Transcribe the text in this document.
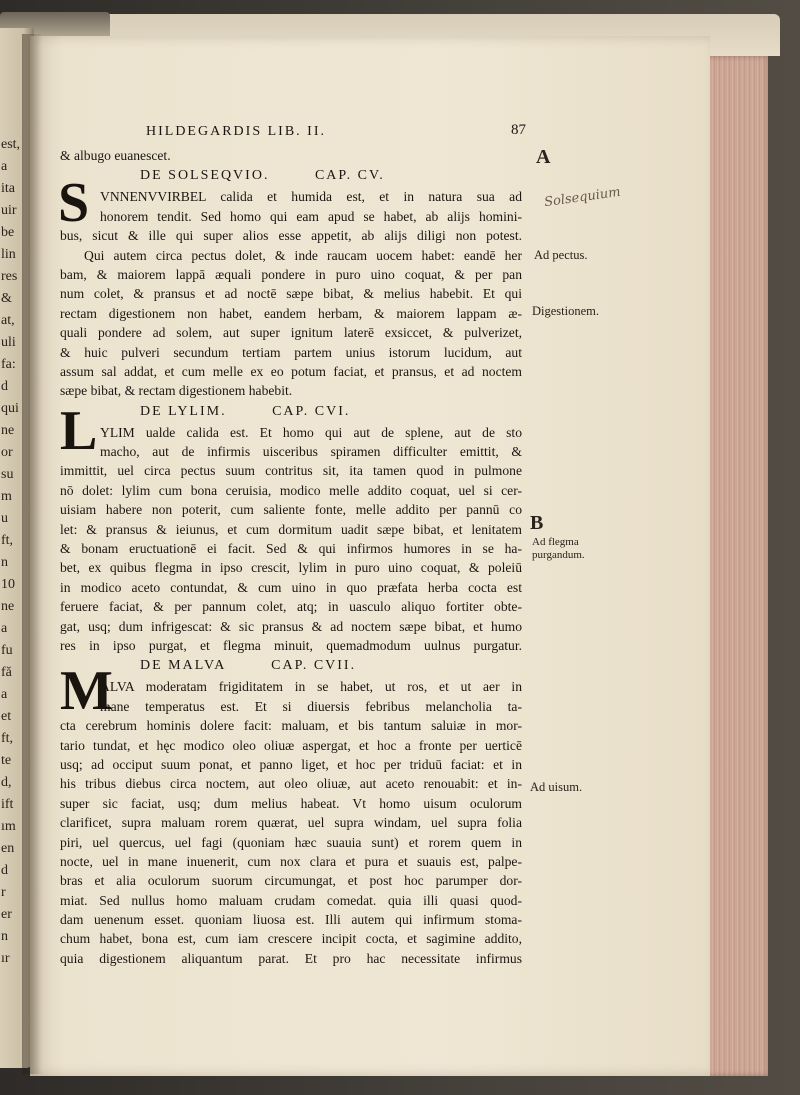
est,
a
ita
uir
be
lin
res
&
at,
uli
fa:
d
qui
ne
or
su
m
u
ft,
n
10
ne
a
fu
fă
a
et
ft,
te
d,
ift
ım
en
d
r
er
n
ır
HILDEGARDIS LIB. II.	87
& albugo euanescet.
DE SOLSEQVIO.	CAP. CV.
S VNNENVVIRBEL calida et humida est, et in natura sua ad
honorem tendit. Sed homo qui eam apud se habet, ab alijs homini-
bus, sicut & ille qui super alios esse appetit, ab alijs diligi non potest.
Qui autem circa pectus dolet, & inde raucam uocem habet: eandē her
bam, & maiorem lappā æquali pondere in puro uino coquat, & per pan
num colet, & pransus et ad noctē sæpe bibat, & melius habebit. Et qui
rectam digestionem non habet, eandem herbam, & maiorem lappam æ-
quali pondere ad solem, aut super ignitum laterē exsiccet, & pulverizet,
& huic pulveri secundum tertiam partem unius istorum lucidum, aut
assum sal addat, et cum melle ex eo potum faciat, et pransus, et ad noctem
sæpe bibat, & rectam digestionem habebit.
DE LYLIM.	CAP. CVI.
L YLIM ualde calida est. Et homo qui aut de splene, aut de sto
macho, aut de infirmis uisceribus spiramen difficulter emittit, &
immittit, uel circa pectus suum contritus sit, ita tamen quod in pulmone
nō dolet: lylim cum bona ceruisia, modico melle addito coquat, uel si cer-
uisiam habere non poterit, cum saliente fonte, melle addito per pannū co
let: & pransus & ieiunus, et cum dormitum uadit sæpe bibat, et lenitatem
& bonam eructuationē ei facit. Sed & qui infirmos humores in se ha-
bet, ex quibus flegma in ipso crescit, lylim in puro uino coquat, & poleiū
in modico aceto contundat, & cum uino in quo præfata herba cocta est
feruere faciat, & per pannum colet, atq; in uasculo aliquo fortiter obte-
gat, usq; dum infrigescat: & sic pransus & ad noctem sæpe bibat, et humo
res in ipso purgat, et flegma minuit, quemadmodum uulnus purgatur.
DE MALVA	CAP. CVII.
M
ALVA moderatam frigiditatem in se habet, ut ros, et ut aer in
mane temperatus est. Et si diuersis febribus melancholia ta-
cta cerebrum hominis dolere facit: maluam, et bis tantum saluiæ in mor-
tario tundat, et hęc modico oleo oliuæ aspergat, et hoc a fronte per uerticē
usq; ad occiput suum ponat, et panno liget, et hoc per triduū faciat: et in
his tribus diebus circa noctem, aut oleo oliuæ, aut aceto renouabit: et in-
super sic faciat, usq; dum melius habeat. Vt homo uisum oculorum
clarificet, supra maluam rorem quærat, uel supra windam, uel supra folia
piri, uel quercus, uel fagi (quoniam hæc suauia sunt) et rorem quem in
nocte, uel in mane inuenerit, cum nox clara et pura et suauis est, palpe-
bras et alia oculorum suorum circumungat, et post hoc parumper dor-
miat. Sed nullus homo maluam crudam comedat. quia illi quasi quod-
dam uenenum esset. quoniam liuosa est. Illi autem qui infirmum stoma-
chum habet, bona est, cum iam crescere incipit cocta, et sagimine addito,
quia digestionem aliquantum parat. Et pro hac necessitate infirmus
A
Solsequium
Ad pectus.
Digestionem.
B
Ad flegma purgandum.
Ad uisum.
